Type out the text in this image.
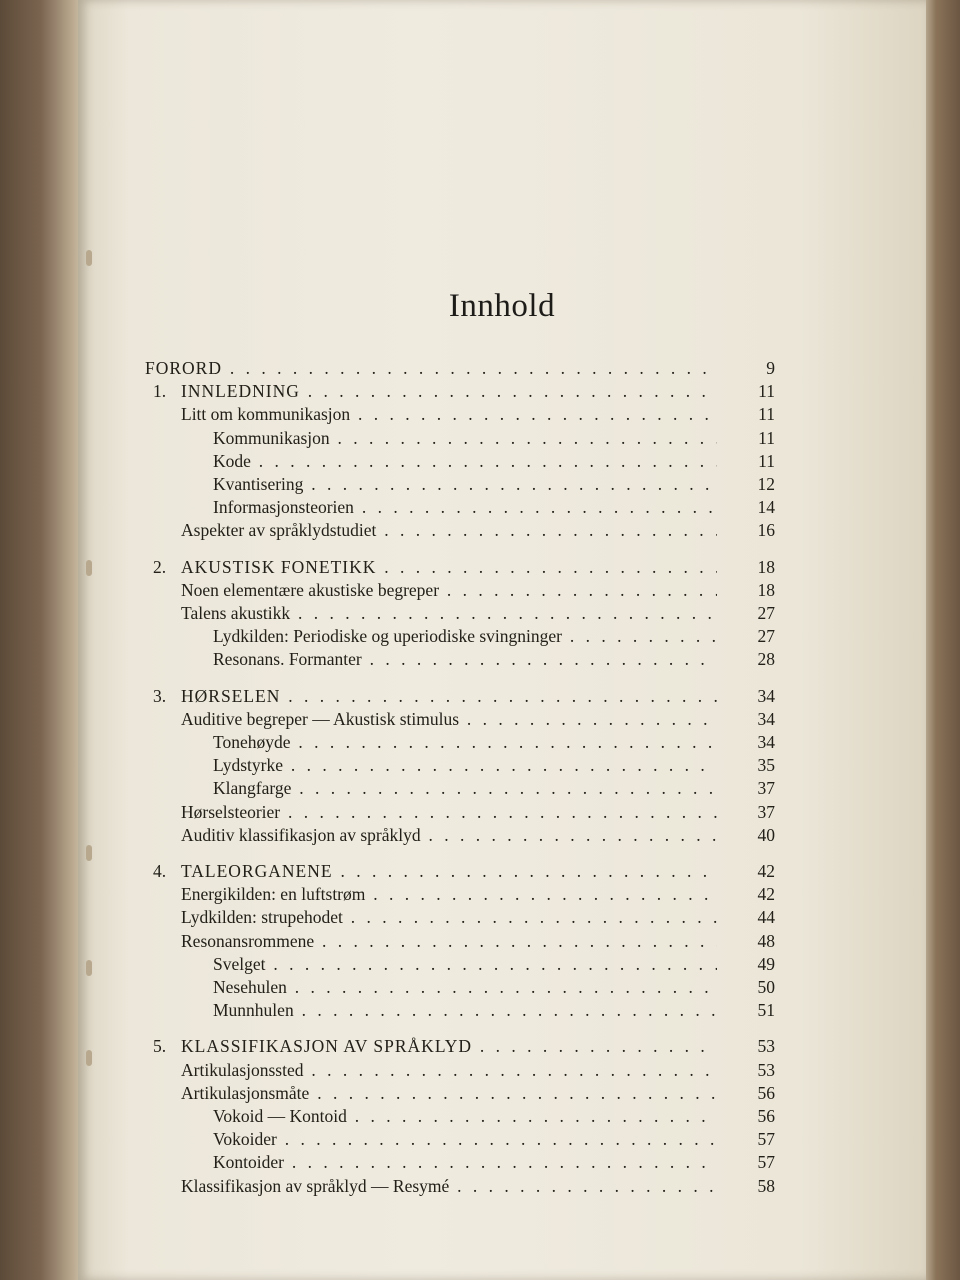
Innhold
FORORD . . .	9
1. INNLEDNING . . .	11
Litt om kommunikasjon . . .	11
Kommunikasjon . . .	11
Kode . . .	11
Kvantisering . . .	12
Informasjonsteorien . . .	14
Aspekter av språklydstudiet . . .	16
2. AKUSTISK FONETIKK . . .	18
Noen elementære akustiske begreper . . .	18
Talens akustikk . . .	27
Lydkilden: Periodiske og uperiodiske svingninger . . .	27
Resonans. Formanter . . .	28
3. HØRSELEN . . .	34
Auditive begreper — Akustisk stimulus . . .	34
Tonehøyde . . .	34
Lydstyrke . . .	35
Klangfarge . . .	37
Hørselsteorier . . .	37
Auditiv klassifikasjon av språklyd . . .	40
4. TALEORGANENE . . .	42
Energikilden: en luftstrøm . . .	42
Lydkilden: strupehodet . . .	44
Resonansrommene . . .	48
Svelget . . .	49
Nesehulen . . .	50
Munnhulen . . .	51
5. KLASSIFIKASJON AV SPRÅKLYD . . .	53
Artikulasjonssted . . .	53
Artikulasjonsmåte . . .	56
Vokoid — Kontoid . . .	56
Vokoider . . .	57
Kontoider . . .	57
Klassifikasjon av språklyd — Resymé . . .	58
